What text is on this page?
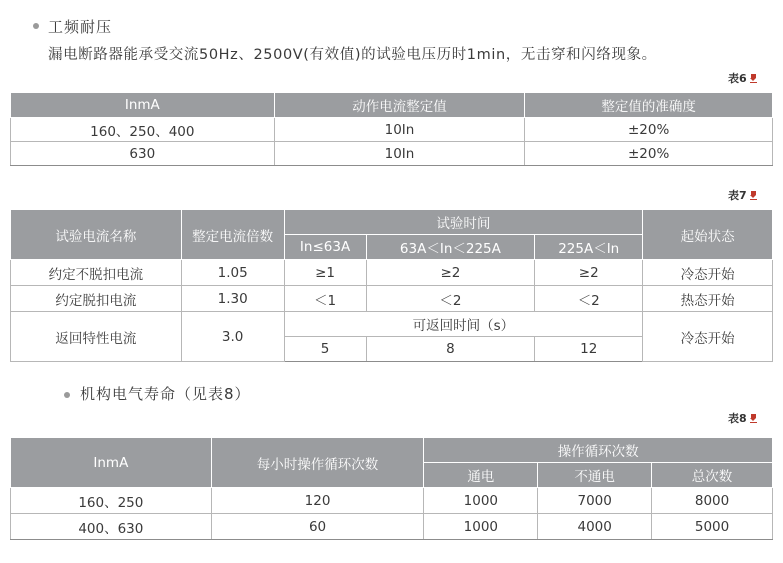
工频耐压
漏电断路器能承受交流50Hz、2500V(有效值)的试验电压历时1min，无击穿和闪络现象。
表6
InmA	动作电流整定值	整定值的准确度
160、250、400	10In	±20%
630	10In	±20%
表7
试验电流名称	整定电流倍数	试验时间			起始状态
		In≤63A	63A＜In＜225A	225A＜In	
约定不脱扣电流	1.05	≥1	≥2	≥2	冷态开始
约定脱扣电流	1.30	＜1	＜2	＜2	热态开始
返回特性电流	3.0	可返回时间（s）			冷态开始
		5	8	12	
机构电气寿命（见表8）
表8
InmA	每小时操作循环次数	操作循环次数		
		通电	不通电	总次数
160、250	120	1000	7000	8000
400、630	60	1000	4000	5000
